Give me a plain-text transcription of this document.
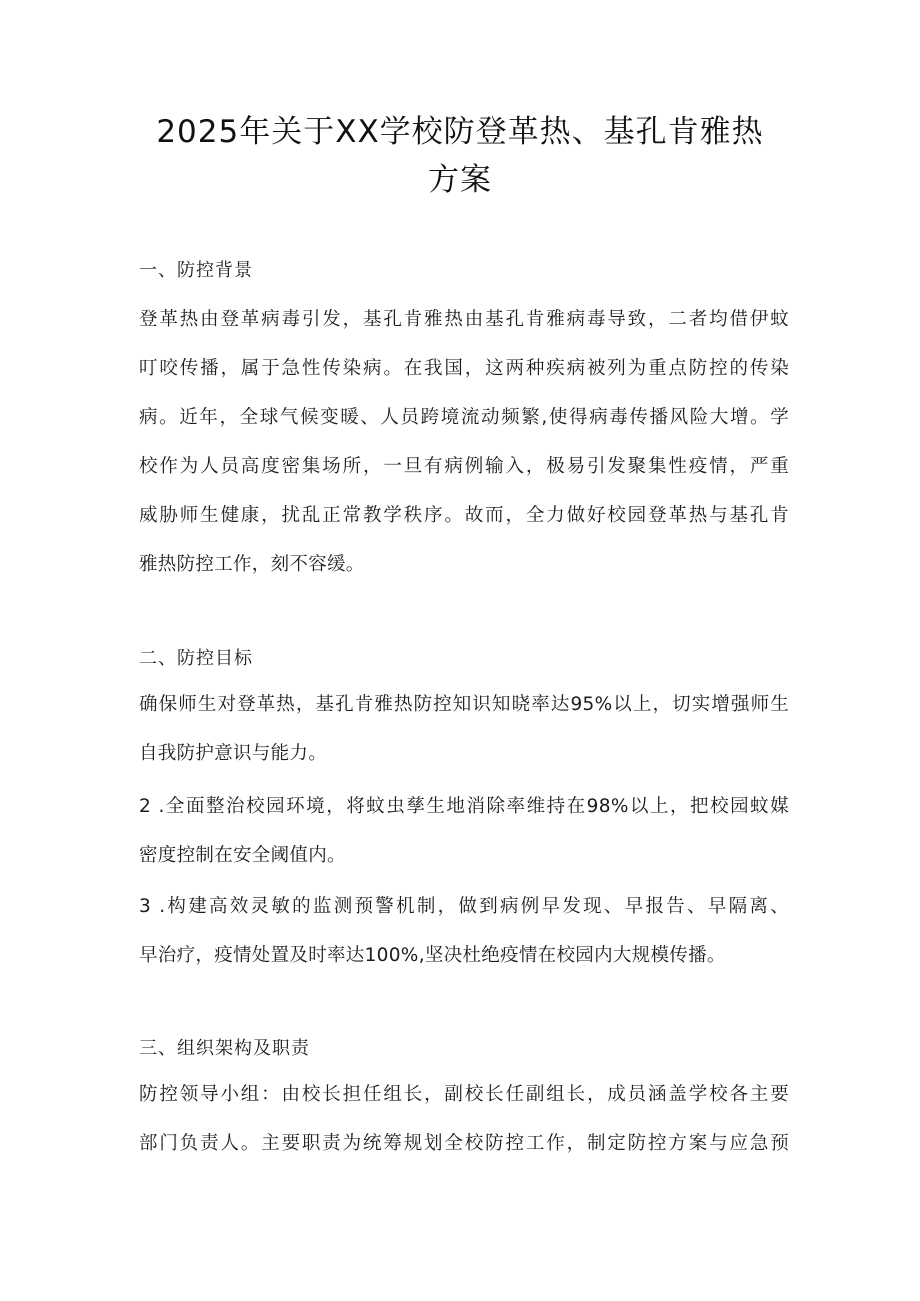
2025年关于XX学校防登革热、基孔肯雅热
方案
一、防控背景
登革热由登革病毒引发，基孔肯雅热由基孔肯雅病毒导致，二者均借伊蚊
叮咬传播，属于急性传染病。在我国，这两种疾病被列为重点防控的传染
病。近年，全球气候变暖、人员跨境流动频繁,使得病毒传播风险大增。学
校作为人员高度密集场所，一旦有病例输入，极易引发聚集性疫情，严重
威胁师生健康，扰乱正常教学秩序。故而，全力做好校园登革热与基孔肯
雅热防控工作，刻不容缓。
二、防控目标
确保师生对登革热，基孔肯雅热防控知识知晓率达95%以上，切实增强师生
自我防护意识与能力。
2 .全面整治校园环境，将蚊虫孳生地消除率维持在98%以上，把校园蚊媒
密度控制在安全阈值内。
3 .构建高效灵敏的监测预警机制，做到病例早发现、早报告、早隔离、
早治疗，疫情处置及时率达100%,坚决杜绝疫情在校园内大规模传播。
三、组织架构及职责
防控领导小组：由校长担任组长，副校长任副组长，成员涵盖学校各主要
部门负责人。主要职责为统筹规划全校防控工作，制定防控方案与应急预
